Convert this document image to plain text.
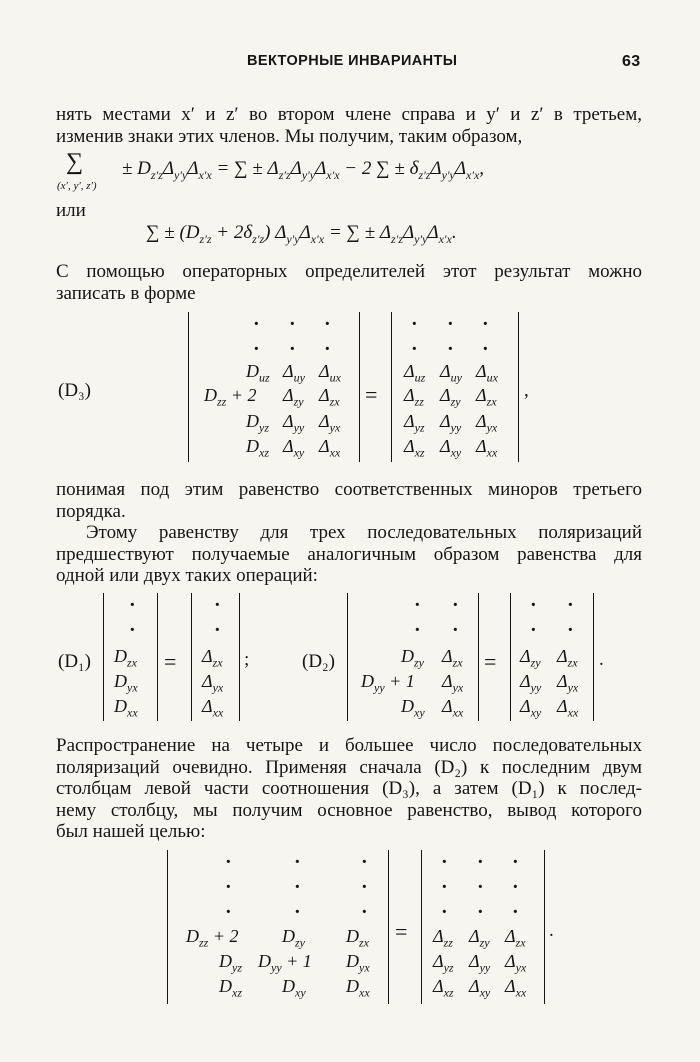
ВЕКТОРНЫЕ ИНВАРИАНТЫ	63
нять местами x′ и z′ во втором члене справа и y′ и z′ в третьем,
изменив знаки этих членов. Мы получим, таким образом,
± $D_{z'z}\Delta_{y'y}\Delta_{x'x}$ = ∑ ± $\Delta_{z'z}\Delta_{y'y}\Delta_{x'x} - 2$ ∑ ± $\delta_{z'z}\Delta_{y'y}\Delta_{x'x}$,
∑
(x′, y′, z′)
или
∑ ± $(D_{z'z} + 2\delta_{z'z}) \Delta_{y'y}\Delta_{x'x}$ = ∑ ± $\Delta_{z'z}\Delta_{y'y}\Delta_{x'x}$.
С помощью операторных определителей этот результат можно
записать в форме
(D₃)
· · ·
· · ·
$D_{uz}$ $\Delta_{uy}$ $\Delta_{ux}$
$D_{zz} + 2$ $\Delta_{zy}$ $\Delta_{zx}$
$D_{yz}$ $\Delta_{yy}$ $\Delta_{yx}$
$D_{xz}$ $\Delta_{xy}$ $\Delta_{xx}$
=
· · ·
· · ·
$\Delta_{uz}$ $\Delta_{uy}$ $\Delta_{ux}$
$\Delta_{zz}$ $\Delta_{zy}$ $\Delta_{zx}$
$\Delta_{yz}$ $\Delta_{yy}$ $\Delta_{yx}$
$\Delta_{xz}$ $\Delta_{xy}$ $\Delta_{xx}$
,
понимая под этим равенство соответственных миноров третьего
порядка.
Этому равенству для трех последовательных поляризаций
предшествуют получаемые аналогичным образом равенства для
одной или двух таких операций:
(D₁)
·
·
$D_{zx}$
$D_{yx}$
$D_{xx}$
=
·
·
$\Delta_{zx}$
$\Delta_{yx}$
$\Delta_{xx}$
;	(D₂)
· ·
· ·
$D_{zy}$ $\Delta_{zx}$
$D_{yy} + 1$ $\Delta_{yx}$
$D_{xy}$ $\Delta_{xx}$
=
· ·
· ·
$\Delta_{zy}$ $\Delta_{zx}$
$\Delta_{yy}$ $\Delta_{yx}$
$\Delta_{xy}$ $\Delta_{xx}$
.
Распространение на четыре и большее число последовательных
поляризаций очевидно. Применяя сначала (D₂) к последним двум
столбцам левой части соотношения (D₃), а затем (D₁) к послед-
нему столбцу, мы получим основное равенство, вывод которого
был нашей целью:
·	·	·
·	·	·
·	·	·
$D_{zz} + 2$ $D_{zy}$ $D_{zx}$
$D_{yz}$ $D_{yy} + 1$ $D_{yx}$
$D_{xz}$ $D_{xy}$ $D_{xx}$
=
· · ·
· · ·
· · ·
$\Delta_{zz}$ $\Delta_{zy}$ $\Delta_{zx}$
$\Delta_{yz}$ $\Delta_{yy}$ $\Delta_{yx}$
$\Delta_{xz}$ $\Delta_{xy}$ $\Delta_{xx}$
.
